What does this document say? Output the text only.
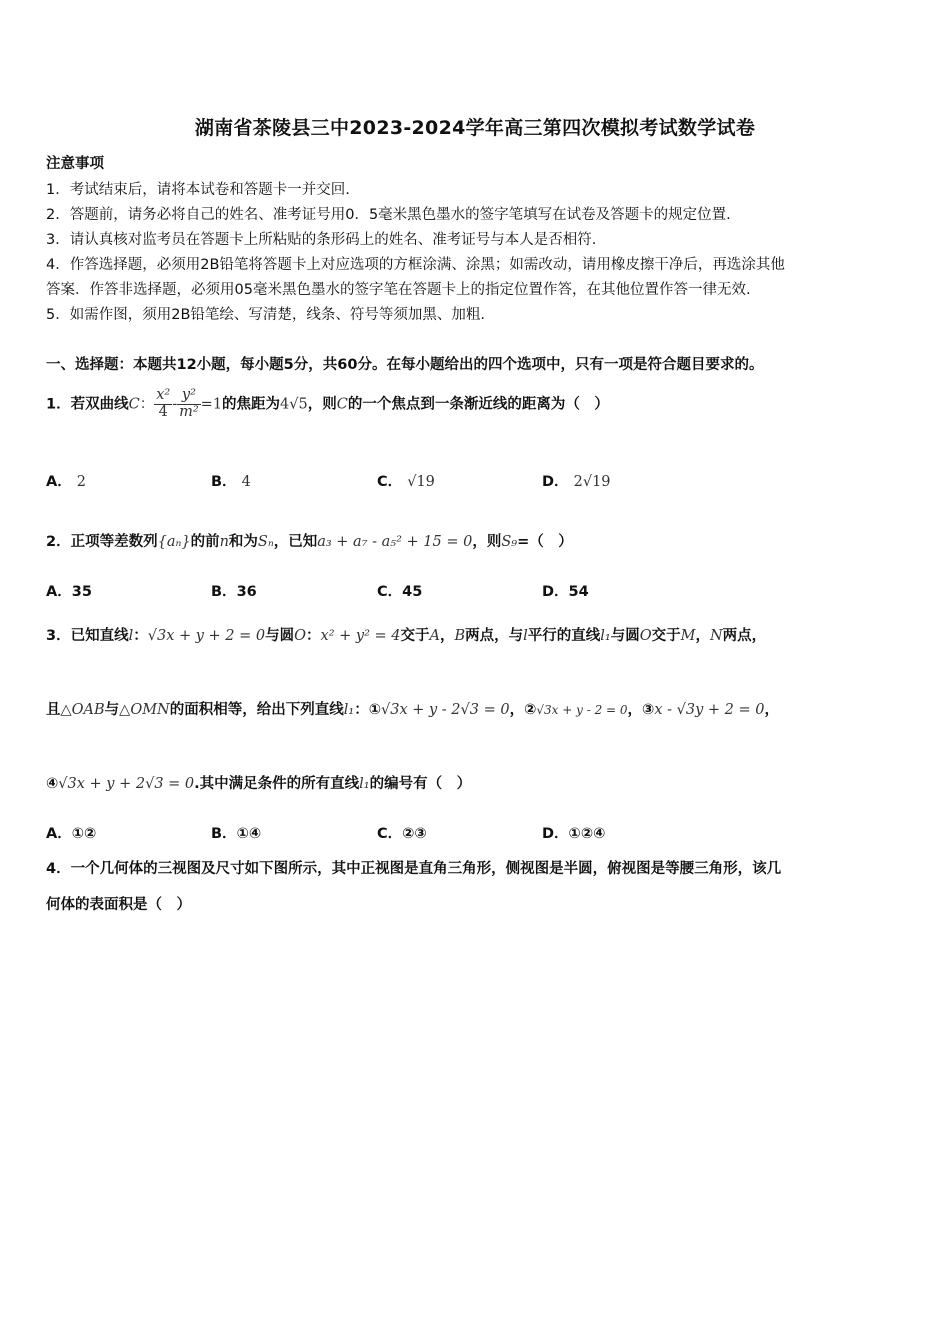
湖南省茶陵县三中2023-2024学年高三第四次模拟考试数学试卷
注意事项
1．考试结束后，请将本试卷和答题卡一并交回.
2．答题前，请务必将自己的姓名、准考证号用0．5毫米黑色墨水的签字笔填写在试卷及答题卡的规定位置.
3．请认真核对监考员在答题卡上所粘贴的条形码上的姓名、准考证号与本人是否相符.
4．作答选择题，必须用2B铅笔将答题卡上对应选项的方框涂满、涂黑；如需改动，请用橡皮擦干净后，再选涂其他
答案．作答非选择题，必须用05毫米黑色墨水的签字笔在答题卡上的指定位置作答，在其他位置作答一律无效.
5．如需作图，须用2B铅笔绘、写清楚，线条、符号等须加黑、加粗.
一、选择题：本题共12小题，每小题5分，共60分。在每小题给出的四个选项中，只有一项是符合题目要求的。
1．若双曲线C： $\frac{\text{x²}}{4} - \frac{\text{y²}}{\text{m²}} =1$的焦距为4√5，则C的一个焦点到一条渐近线的距离为（　）
A． 2	B． 4	C． √19	D． 2√19
2．正项等差数列{aₙ}的前n和为Sₙ，已知a₃ + a₇ - a₅² + 15 = 0，则S₉=（　）
A．35	B．36	C．45	D．54
3．已知直线l：√3x + y + 2 = 0与圆O：x² + y² = 4交于A，B两点，与l平行的直线l₁与圆O交于M，N两点，
且△OAB与△OMN的面积相等，给出下列直线l₁：①√3x + y - 2√3 = 0，②√3x + y - 2 = 0，③x - √3y + 2 = 0，
④√3x + y + 2√3 = 0.其中满足条件的所有直线l₁的编号有（　）
A．①②	B．①④	C．②③	D．①②④
4．一个几何体的三视图及尺寸如下图所示，其中正视图是直角三角形，侧视图是半圆，俯视图是等腰三角形，该几
何体的表面积是（　）
